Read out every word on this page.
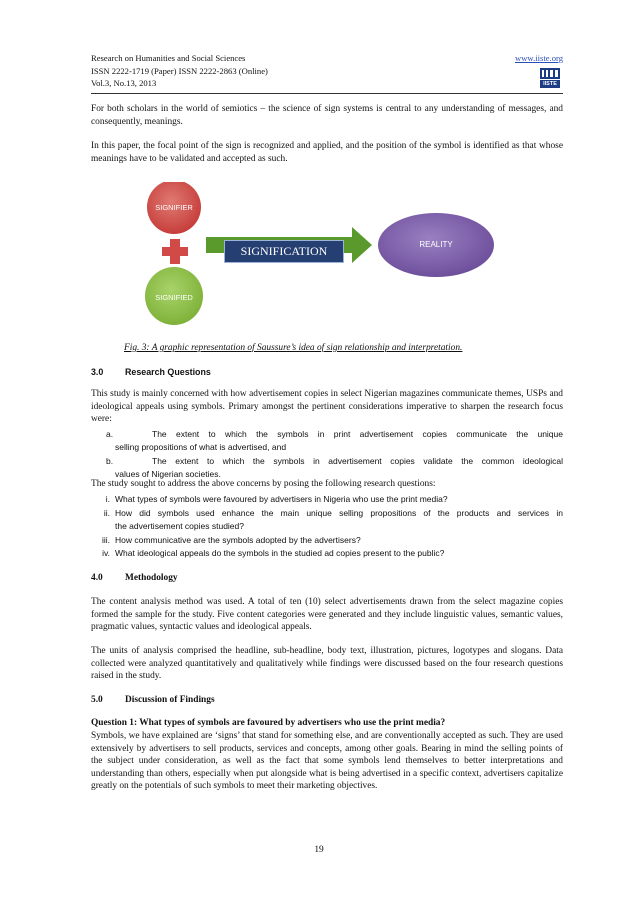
Research on Humanities and Social Sciences
ISSN 2222-1719 (Paper) ISSN 2222-2863 (Online)
Vol.3, No.13, 2013
www.iiste.org
IISTE
For both scholars in the world of semiotics – the science of sign systems is central to any understanding of messages, and consequently, meanings.
In this paper, the focal point of the sign is recognized and applied, and the position of the symbol is identified as that whose meanings have to be validated and accepted as such.
SIGNIFIER
SIGNIFIED
SIGNIFICATION	REALITY
Fig. 3: A graphic representation of Saussure’s idea of sign relationship and interpretation.
3.0 Research Questions
This study is mainly concerned with how advertisement copies in select Nigerian magazines communicate themes, USPs and ideological appeals using symbols. Primary amongst the pertinent considerations imperative to sharpen the research focus were:
a.	The extent to which the symbols in print advertisement copies communicate the unique
selling propositions of what is advertised, and
b.	The extent to which the symbols in advertisement copies validate the common ideological
values of Nigerian societies.
The study sought to address the above concerns by posing the following research questions:
i. What types of symbols were favoured by advertisers in Nigeria who use the print media?
ii. How did symbols used enhance the main unique selling propositions of the products and services in
the advertisement copies studied?
iii. How communicative are the symbols adopted by the advertisers?
iv. What ideological appeals do the symbols in the studied ad copies present to the public?
4.0 Methodology
The content analysis method was used. A total of ten (10) select advertisements drawn from the select magazine copies formed the sample for the study. Five content categories were generated and they include linguistic values, semantic values, pragmatic values, syntactic values and ideological appeals.
The units of analysis comprised the headline, sub-headline, body text, illustration, pictures, logotypes and slogans. Data collected were analyzed quantitatively and qualitatively while findings were discussed based on the four research questions raised in the study.
5.0 Discussion of Findings
Question 1: What types of symbols are favoured by advertisers who use the print media?
Symbols, we have explained are ‘signs’ that stand for something else, and are conventionally accepted as such. They are used extensively by advertisers to sell products, services and concepts, among other goals. Bearing in mind the selling points of the subject under consideration, as well as the fact that some symbols lend themselves to better interpretations and understanding than others, especially when put alongside what is being advertised in a specific context, advertisers capitalize greatly on the potentials of such symbols to meet their marketing objectives.
19
